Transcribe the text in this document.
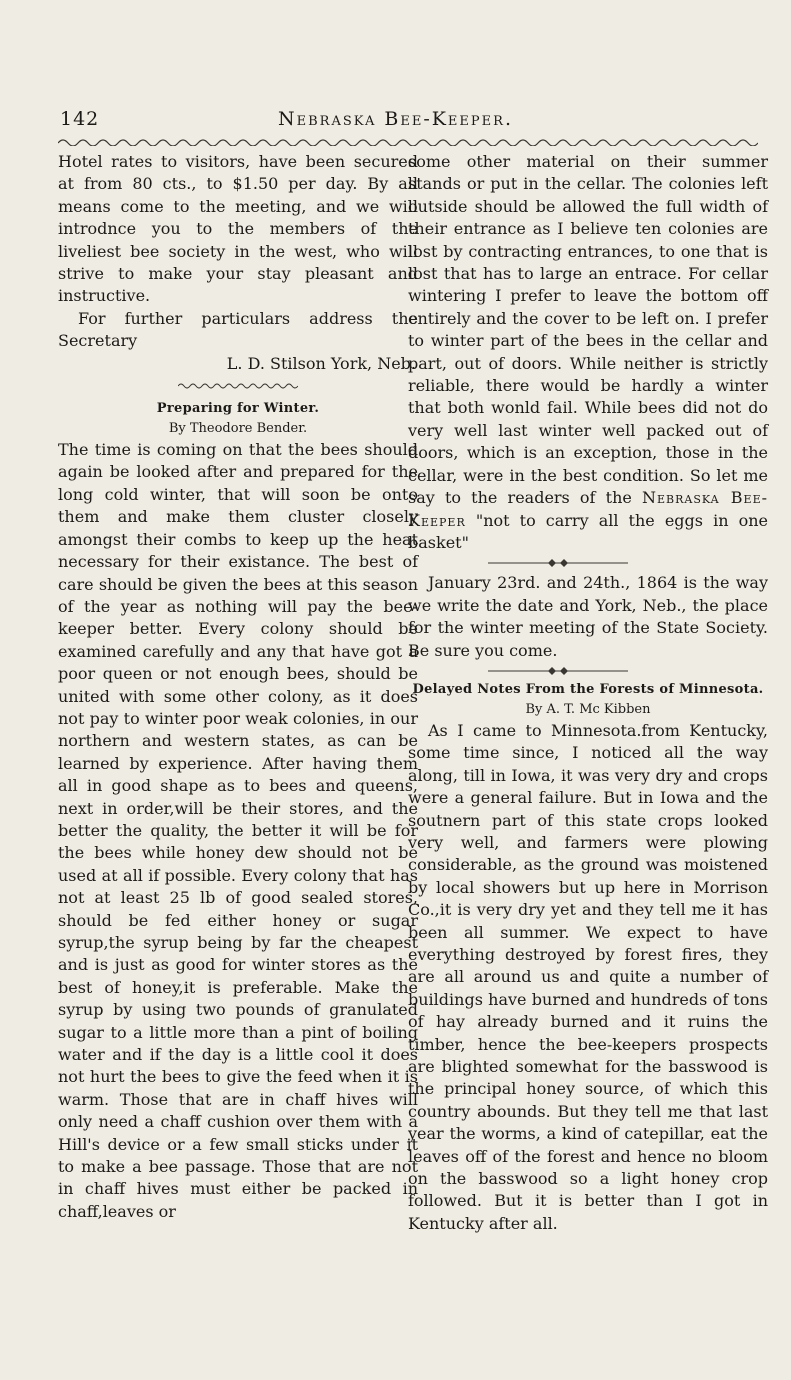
142	Nebraska Bee-Keeper.

Hotel rates to visitors, have been secured at from 80 cts., to $1.50 per day. By all means come to the meeting, and we will introdnce you to the members of the liveliest bee society in the west, who will strive to make your stay pleasant and instructive.

For further particulars address the Secretary

L. D. Stilson York, Neb.

Preparing for Winter.

By Theodore Bender.

The time is coming on that the bees should again be looked after and prepared for the long cold winter, that will soon be onto them and make them cluster closely amongst their combs to keep up the heat necessary for their existance. The best of care should be given the bees at this season of the year as nothing will pay the bee-keeper better. Every colony should be examined carefully and any that have got a poor queen or not enough bees, should be united with some other colony, as it does not pay to winter poor weak colonies, in our northern and western states, as can be learned by experience. After having them all in good shape as to bees and queens, next in order,will be their stores, and the better the quality, the better it will be for the bees while honey dew should not be used at all if possible. Every colony that has not at least 25 lb of good sealed stores, should be fed either honey or sugar syrup,the syrup being by far the cheapest and is just as good for winter stores as the best of honey,it is preferable. Make the syrup by using two pounds of granulated sugar to a little more than a pint of boiling water and if the day is a little cool it does not hurt the bees to give the feed when it is warm. Those that are in chaff hives will only need a chaff cushion over them with a Hill's device or a few small sticks under it to make a bee passage. Those that are not in chaff hives must either be packed in chaff,leaves or

some other material on their summer stands or put in the cellar. The colonies left outside should be allowed the full width of their entrance as I believe ten colonies are lost by contracting entrances, to one that is lost that has to large an entrace. For cellar wintering I prefer to leave the bottom off entirely and the cover to be left on. I prefer to winter part of the bees in the cellar and part, out of doors. While neither is strictly reliable, there would be hardly a winter that both wonld fail. While bees did not do very well last winter well packed out of doors, which is an exception, those in the cellar, were in the best condition. So let me say to the readers of the Nebraska Bee-Keeper "not to carry all the eggs in one basket"

January 23rd. and 24th., 1864 is the way we write the date and York, Neb., the place for the winter meeting of the State Society. Be sure you come.

Delayed Notes From the Forests of Minnesota.

By A. T. Mc Kibben

As I came to Minnesota.from Kentucky, some time since, I noticed all the way along, till in Iowa, it was very dry and crops were a general failure. But in Iowa and the soutnern part of this state crops looked very well, and farmers were plowing considerable, as the ground was moistened by local showers but up here in Morrison Co.,it is very dry yet and they tell me it has been all summer. We expect to have everything destroyed by forest fires, they are all around us and quite a number of buildings have burned and hundreds of tons of hay already burned and it ruins the timber, hence the bee-keepers prospects are blighted somewhat for the basswood is the principal honey source, of which this country abounds. But they tell me that last year the worms, a kind of catepillar, eat the leaves off of the forest and hence no bloom on the basswood so a light honey crop followed. But it is better than I got in Kentucky after all.
